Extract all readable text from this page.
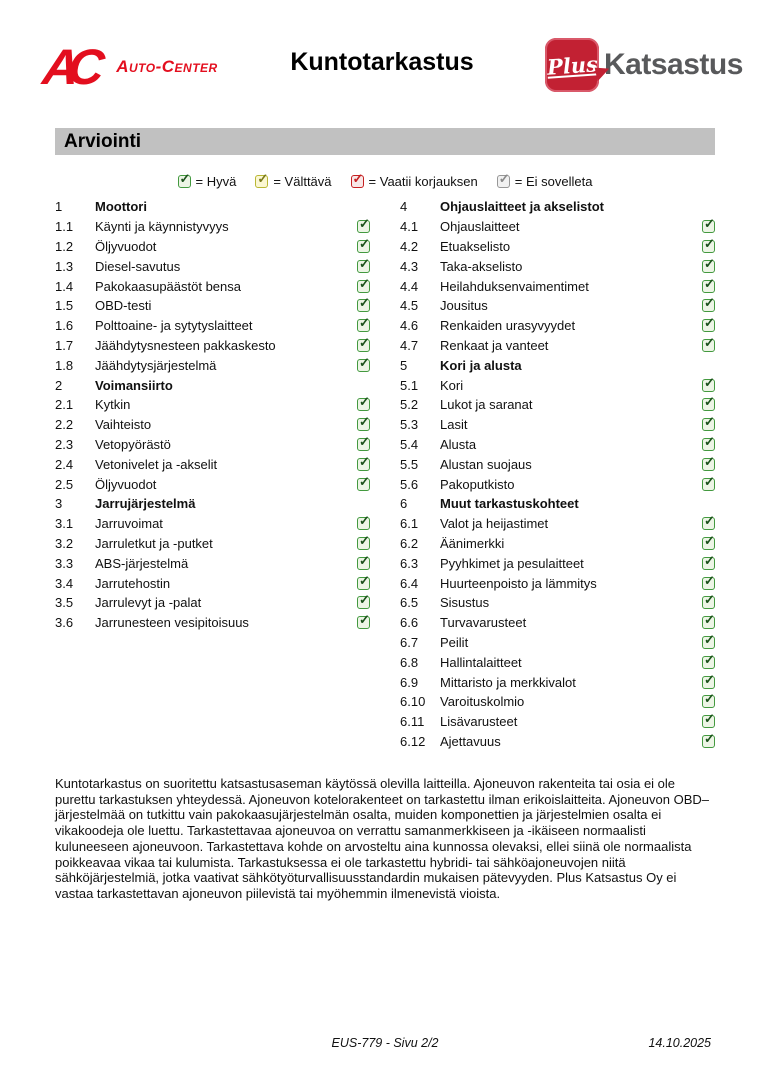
AC	Auto-Center	Kuntotarkastus	Plus Katsastus
Arviointi
✓
= Hyvä ✓	= Välttävä ✓	= Vaatii korjauksen ✓	= Ei sovelleta
1	Moottori
1.1	Käynti ja käynnistyvyys
✓
1.2	Öljyvuodot
✓
1.3	Diesel-savutus
✓
1.4	Pakokaasupäästöt bensa
✓
1.5	OBD-testi
✓
1.6	Polttoaine- ja sytytyslaitteet
✓
1.7	Jäähdytysnesteen pakkaskesto
✓
1.8	Jäähdytysjärjestelmä
✓
2	Voimansiirto
2.1	Kytkin
✓
2.2	Vaihteisto
✓
2.3	Vetopyörästö
✓
2.4	Vetonivelet ja -akselit
✓
2.5	Öljyvuodot
✓
3	Jarrujärjestelmä
3.1	Jarruvoimat
✓
3.2	Jarruletkut ja -putket
✓
3.3	ABS-järjestelmä
✓
3.4	Jarrutehostin
✓
3.5	Jarrulevyt ja -palat
✓
3.6	Jarrunesteen vesipitoisuus
✓
4	Ohjauslaitteet ja akselistot
4.1	Ohjauslaitteet
✓
4.2	Etuakselisto
✓
4.3	Taka-akselisto
✓
4.4	Heilahduksenvaimentimet
✓
4.5	Jousitus
✓
4.6	Renkaiden urasyvyydet
✓
4.7	Renkaat ja vanteet
✓
5	Kori ja alusta
5.1	Kori
✓
5.2	Lukot ja saranat
✓
5.3	Lasit
✓
5.4	Alusta
✓
5.5	Alustan suojaus
✓
5.6	Pakoputkisto
✓
6	Muut tarkastuskohteet
6.1	Valot ja heijastimet
✓
6.2	Äänimerkki
✓
6.3	Pyyhkimet ja pesulaitteet
✓
6.4	Huurteenpoisto ja lämmitys
✓
6.5	Sisustus
✓
6.6	Turvavarusteet
✓
6.7	Peilit
✓
6.8	Hallintalaitteet
✓
6.9	Mittaristo ja merkkivalot
✓
6.10	Varoituskolmio
✓
6.11	Lisävarusteet
✓
6.12	Ajettavuus
✓

Kuntotarkastus on suoritettu katsastusaseman käytössä olevilla laitteilla. Ajoneuvon rakenteita tai osia ei ole purettu tarkastuksen yhteydessä. Ajoneuvon kotelorakenteet on tarkastettu ilman erikoislaitteita. Ajoneuvon OBD–järjestelmää on tutkittu vain pakokaasujärjestelmän osalta, muiden komponettien ja järjestelmien osalta ei vikakoodeja ole luettu. Tarkastettavaa ajoneuvoa on verrattu samanmerkkiseen ja -ikäiseen normaalisti kuluneeseen ajoneuvoon. Tarkastettava kohde on arvosteltu aina kunnossa olevaksi, ellei siinä ole normaalista poikkeavaa vikaa tai kulumista. Tarkastuksessa ei ole tarkastettu hybridi- tai sähköajoneuvojen niitä sähköjärjestelmiä, jotka vaativat sähkötyöturvallisuusstandardin mukaisen pätevyyden. Plus Katsastus Oy ei vastaa tarkastettavan ajoneuvon piilevistä tai myöhemmin ilmenevistä vioista.

EUS-779 - Sivu 2/2	14.10.2025
